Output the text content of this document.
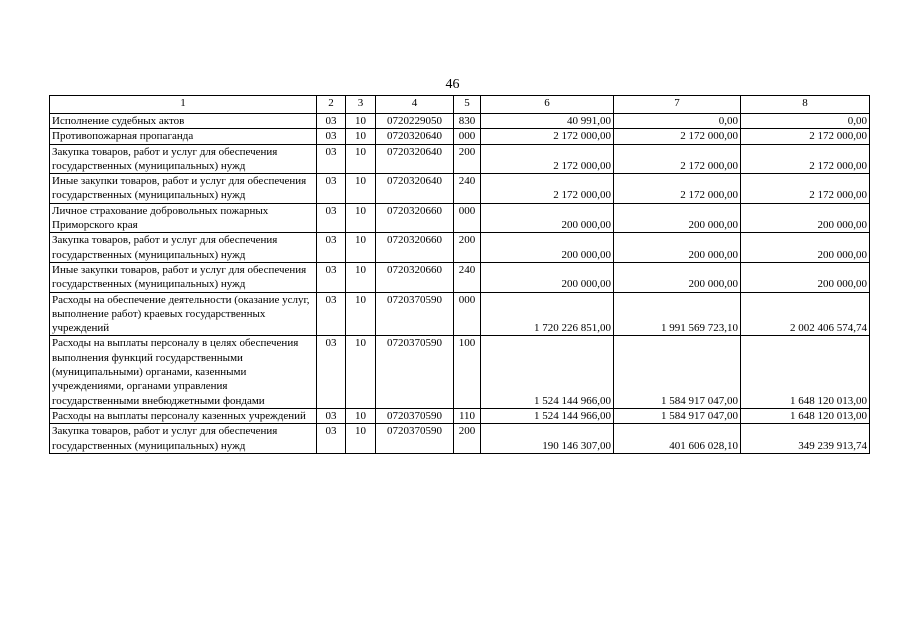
46
1	2	3	4	5	6	7	8
Исполнение судебных актов	03	10	0720229050	830	40 991,00	0,00	0,00
Противопожарная пропаганда	03	10	0720320640	000	2 172 000,00	2 172 000,00	2 172 000,00
Закупка товаров, работ и услуг для обеспечения государственных (муниципальных) нужд	03	10	0720320640	200	2 172 000,00	2 172 000,00	2 172 000,00
Иные закупки товаров, работ и услуг для обеспечения государственных (муниципальных) нужд	03	10	0720320640	240	2 172 000,00	2 172 000,00	2 172 000,00
Личное страхование добровольных пожарных Приморского края	03	10	0720320660	000	200 000,00	200 000,00	200 000,00
Закупка товаров, работ и услуг для обеспечения государственных (муниципальных) нужд	03	10	0720320660	200	200 000,00	200 000,00	200 000,00
Иные закупки товаров, работ и услуг для обеспечения государственных (муниципальных) нужд	03	10	0720320660	240	200 000,00	200 000,00	200 000,00
Расходы на обеспечение деятельности (оказание услуг, выполнение работ) краевых государственных учреждений	03	10	0720370590	000	1 720 226 851,00	1 991 569 723,10	2 002 406 574,74
Расходы на выплаты персоналу в целях обеспечения выполнения функций государственными (муниципальными) органами, казенными учреждениями, органами управления государственными внебюджетными фондами	03	10	0720370590	100	1 524 144 966,00	1 584 917 047,00	1 648 120 013,00
Расходы на выплаты персоналу казенных учреждений	03	10	0720370590	110	1 524 144 966,00	1 584 917 047,00	1 648 120 013,00
Закупка товаров, работ и услуг для обеспечения государственных (муниципальных) нужд	03	10	0720370590	200	190 146 307,00	401 606 028,10	349 239 913,74
